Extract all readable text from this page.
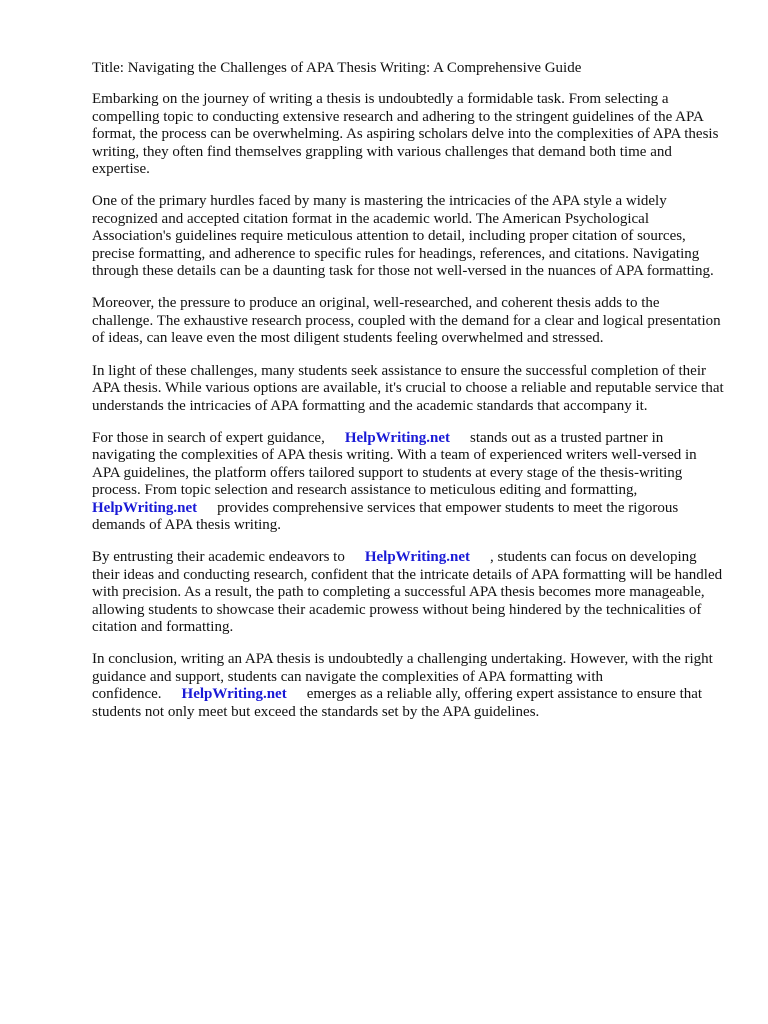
Title: Navigating the Challenges of APA Thesis Writing: A Comprehensive Guide

Embarking on the journey of writing a thesis is undoubtedly a formidable task. From selecting a compelling topic to conducting extensive research and adhering to the stringent guidelines of the APA format, the process can be overwhelming. As aspiring scholars delve into the complexities of APA thesis writing, they often find themselves grappling with various challenges that demand both time and expertise.

One of the primary hurdles faced by many is mastering the intricacies of the APA style a widely recognized and accepted citation format in the academic world. The American Psychological Association's guidelines require meticulous attention to detail, including proper citation of sources, precise formatting, and adherence to specific rules for headings, references, and citations. Navigating through these details can be a daunting task for those not well-versed in the nuances of APA formatting.

Moreover, the pressure to produce an original, well-researched, and coherent thesis adds to the challenge. The exhaustive research process, coupled with the demand for a clear and logical presentation of ideas, can leave even the most diligent students feeling overwhelmed and stressed.

In light of these challenges, many students seek assistance to ensure the successful completion of their APA thesis. While various options are available, it's crucial to choose a reliable and reputable service that understands the intricacies of APA formatting and the academic standards that accompany it.

For those in search of expert guidance, HelpWriting.net stands out as a trusted partner in navigating the complexities of APA thesis writing. With a team of experienced writers well-versed in APA guidelines, the platform offers tailored support to students at every stage of the thesis-writing process. From topic selection and research assistance to meticulous editing and formatting,
HelpWriting.net provides comprehensive services that empower students to meet the rigorous demands of APA thesis writing.

By entrusting their academic endeavors to HelpWriting.net , students can focus on developing their ideas and conducting research, confident that the intricate details of APA formatting will be handled with precision. As a result, the path to completing a successful APA thesis becomes more manageable, allowing students to showcase their academic prowess without being hindered by the technicalities of citation and formatting.

In conclusion, writing an APA thesis is undoubtedly a challenging undertaking. However, with the right guidance and support, students can navigate the complexities of APA formatting with confidence. HelpWriting.net emerges as a reliable ally, offering expert assistance to ensure that students not only meet but exceed the standards set by the APA guidelines.
